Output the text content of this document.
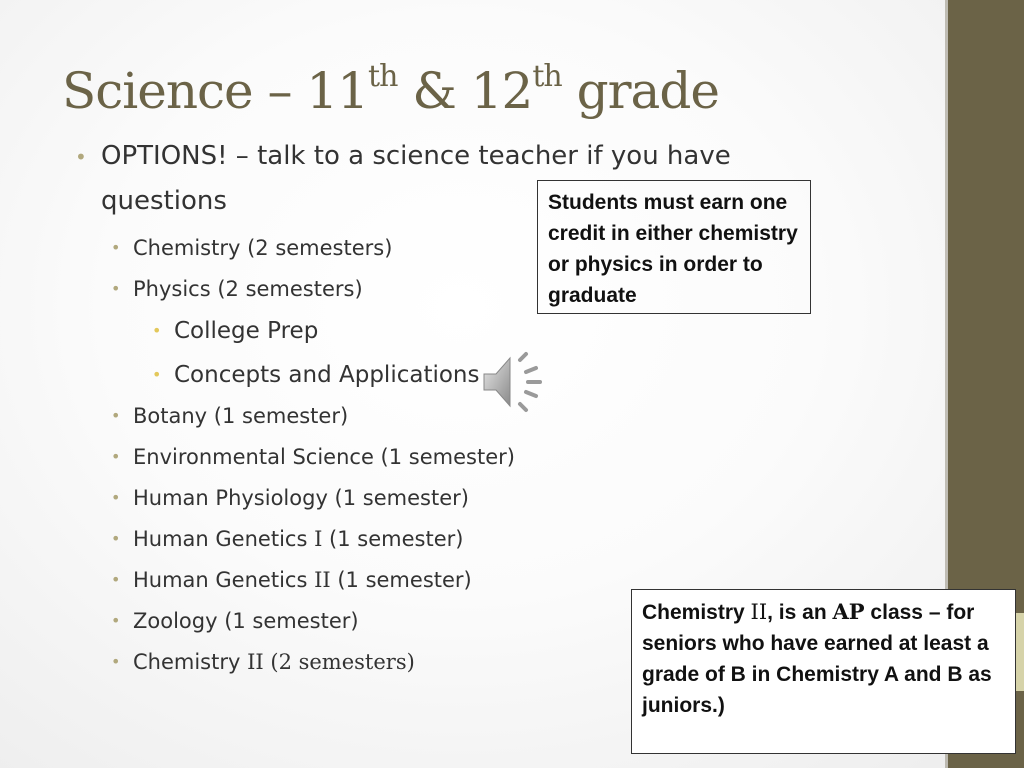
Science – 11th & 12th grade
• OPTIONS! – talk to a science teacher if you have
questions
• Chemistry (2 semesters)
• Physics (2 semesters)
• College Prep
• Concepts and Applications
• Botany (1 semester)
• Environmental Science (1 semester)
• Human Physiology (1 semester)
• Human Genetics I (1 semester)
• Human Genetics II (1 semester)
• Zoology (1 semester)
• Chemistry II (2 semesters)
Students must earn one credit in either chemistry or physics in order to graduate
Chemistry II, is an AP class – for seniors who have earned at least a grade of B in Chemistry A and B as juniors.)
